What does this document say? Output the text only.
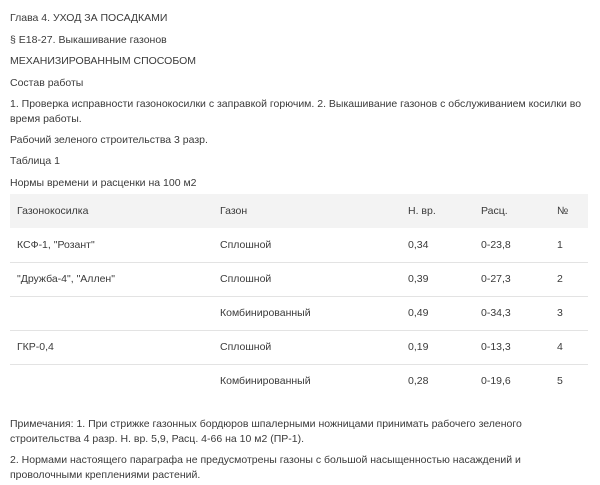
Глава 4. УХОД ЗА ПОСАДКАМИ
§ Е18-27. Выкашивание газонов
МЕХАНИЗИРОВАННЫМ СПОСОБОМ
Состав работы
1. Проверка исправности газонокосилки с заправкой горючим. 2. Выкашивание газонов с обслуживанием косилки во время работы.
Рабочий зеленого строительства 3 разр.
Таблица 1
Нормы времени и расценки на 100 м2
Газонокосилка	Газон	Н. вр.	Расц.	№
КСФ-1, "Розант"	Сплошной	0,34	0-23,8	1
"Дружба-4", "Аллен"	Сплошной	0,39	0-27,3	2
	Комбинированный	0,49	0-34,3	3
ГКР-0,4	Сплошной	0,19	0-13,3	4
	Комбинированный	0,28	0-19,6	5
Примечания: 1. При стрижке газонных бордюров шпалерными ножницами принимать рабочего зеленого строительства 4 разр. Н. вр. 5,9, Расц. 4-66 на 10 м2 (ПР-1).
2. Нормами настоящего параграфа не предусмотрены газоны с большой насыщенностью насаждений и проволочными креплениями растений.
